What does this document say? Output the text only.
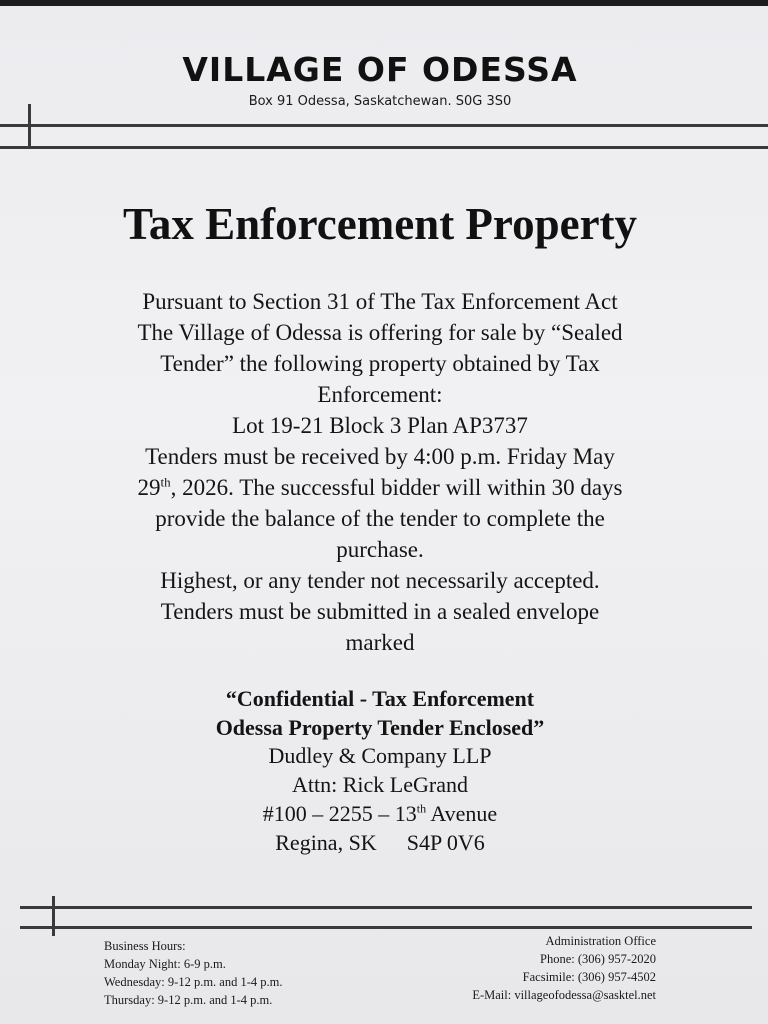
VILLAGE OF ODESSA
Box 91 Odessa, Saskatchewan. S0G 3S0
Tax Enforcement Property

Pursuant to Section 31 of The Tax Enforcement Act

The Village of Odessa is offering for sale by “Sealed

Tender” the following property obtained by Tax

Enforcement:

Lot 19-21 Block 3 Plan AP3737

Tenders must be received by 4:00 p.m. Friday May

29th, 2026. The successful bidder will within 30 days

provide the balance of the tender to complete the

purchase.

Highest, or any tender not necessarily accepted.

Tenders must be submitted in a sealed envelope

marked

“Confidential - Tax Enforcement

Odessa Property Tender Enclosed”

Dudley & Company LLP

Attn: Rick LeGrand

#100 – 2255 – 13th Avenue

Regina, SK S4P 0V6

Business Hours:

Monday Night: 6-9 p.m.

Wednesday: 9-12 p.m. and 1-4 p.m.

Thursday: 9-12 p.m. and 1-4 p.m.

Administration Office

Phone: (306) 957-2020

Facsimile: (306) 957-4502

E-Mail: villageofodessa@sasktel.net
